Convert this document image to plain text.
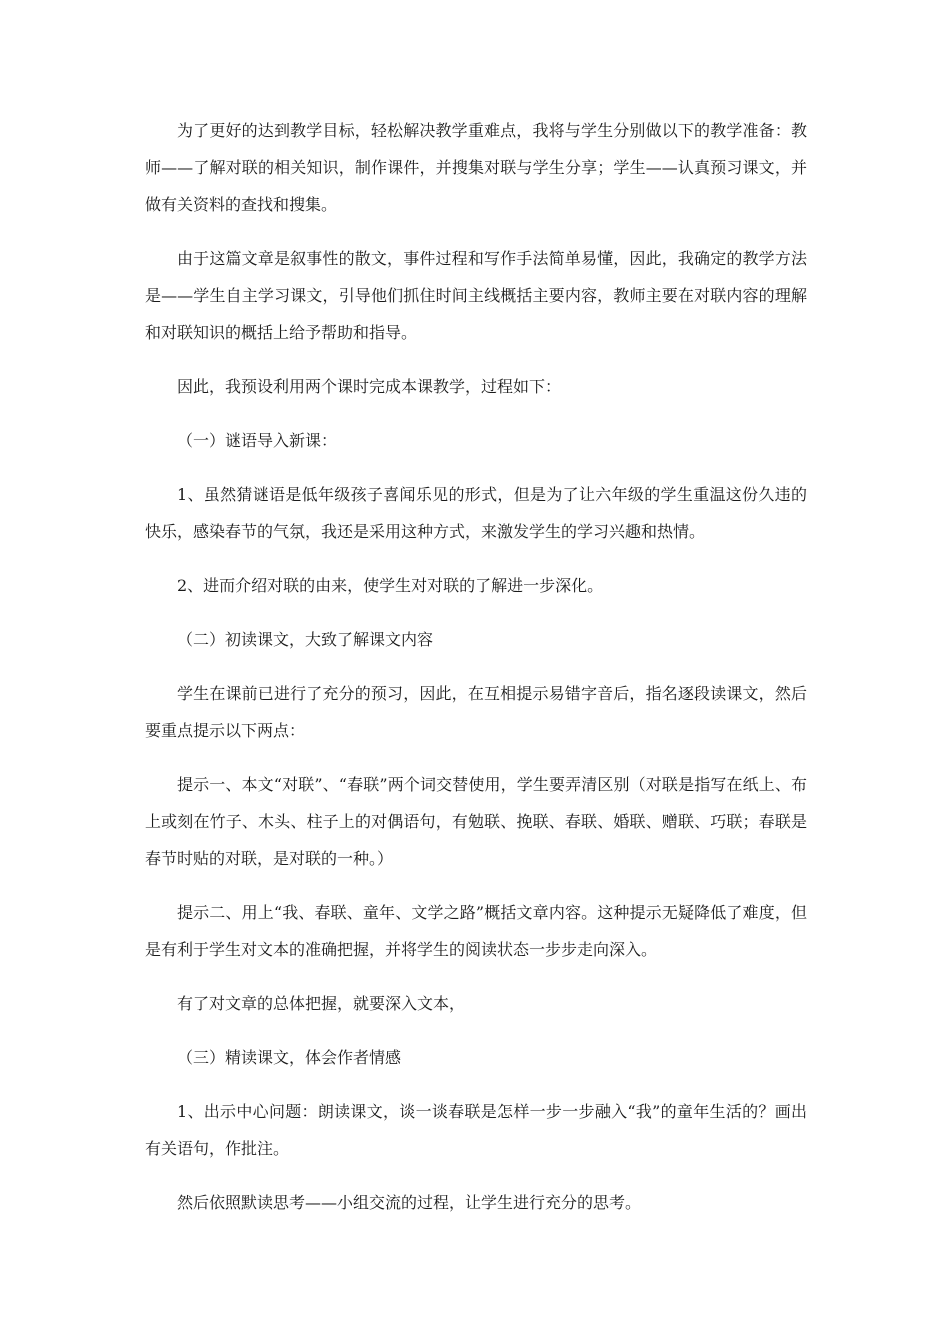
为了更好的达到教学目标，轻松解决教学重难点，我将与学生分别做以下的教学准备：教师——了解对联的相关知识，制作课件，并搜集对联与学生分享；学生——认真预习课文，并做有关资料的查找和搜集。

由于这篇文章是叙事性的散文，事件过程和写作手法简单易懂，因此，我确定的教学方法是——学生自主学习课文，引导他们抓住时间主线概括主要内容，教师主要在对联内容的理解和对联知识的概括上给予帮助和指导。

因此，我预设利用两个课时完成本课教学，过程如下：

（一）谜语导入新课：

1、虽然猜谜语是低年级孩子喜闻乐见的形式，但是为了让六年级的学生重温这份久违的快乐，感染春节的气氛，我还是采用这种方式，来激发学生的学习兴趣和热情。

2、进而介绍对联的由来，使学生对对联的了解进一步深化。

（二）初读课文，大致了解课文内容

学生在课前已进行了充分的预习，因此，在互相提示易错字音后，指名逐段读课文，然后要重点提示以下两点：

提示一、本文“对联”、“春联”两个词交替使用，学生要弄清区别（对联是指写在纸上、布上或刻在竹子、木头、柱子上的对偶语句，有勉联、挽联、春联、婚联、赠联、巧联；春联是春节时贴的对联，是对联的一种。）

提示二、用上“我、春联、童年、文学之路”概括文章内容。这种提示无疑降低了难度，但是有利于学生对文本的准确把握，并将学生的阅读状态一步步走向深入。

有了对文章的总体把握，就要深入文本，

（三）精读课文，体会作者情感

1、出示中心问题：朗读课文，谈一谈春联是怎样一步一步融入“我”的童年生活的？画出有关语句，作批注。

然后依照默读思考——小组交流的过程，让学生进行充分的思考。
